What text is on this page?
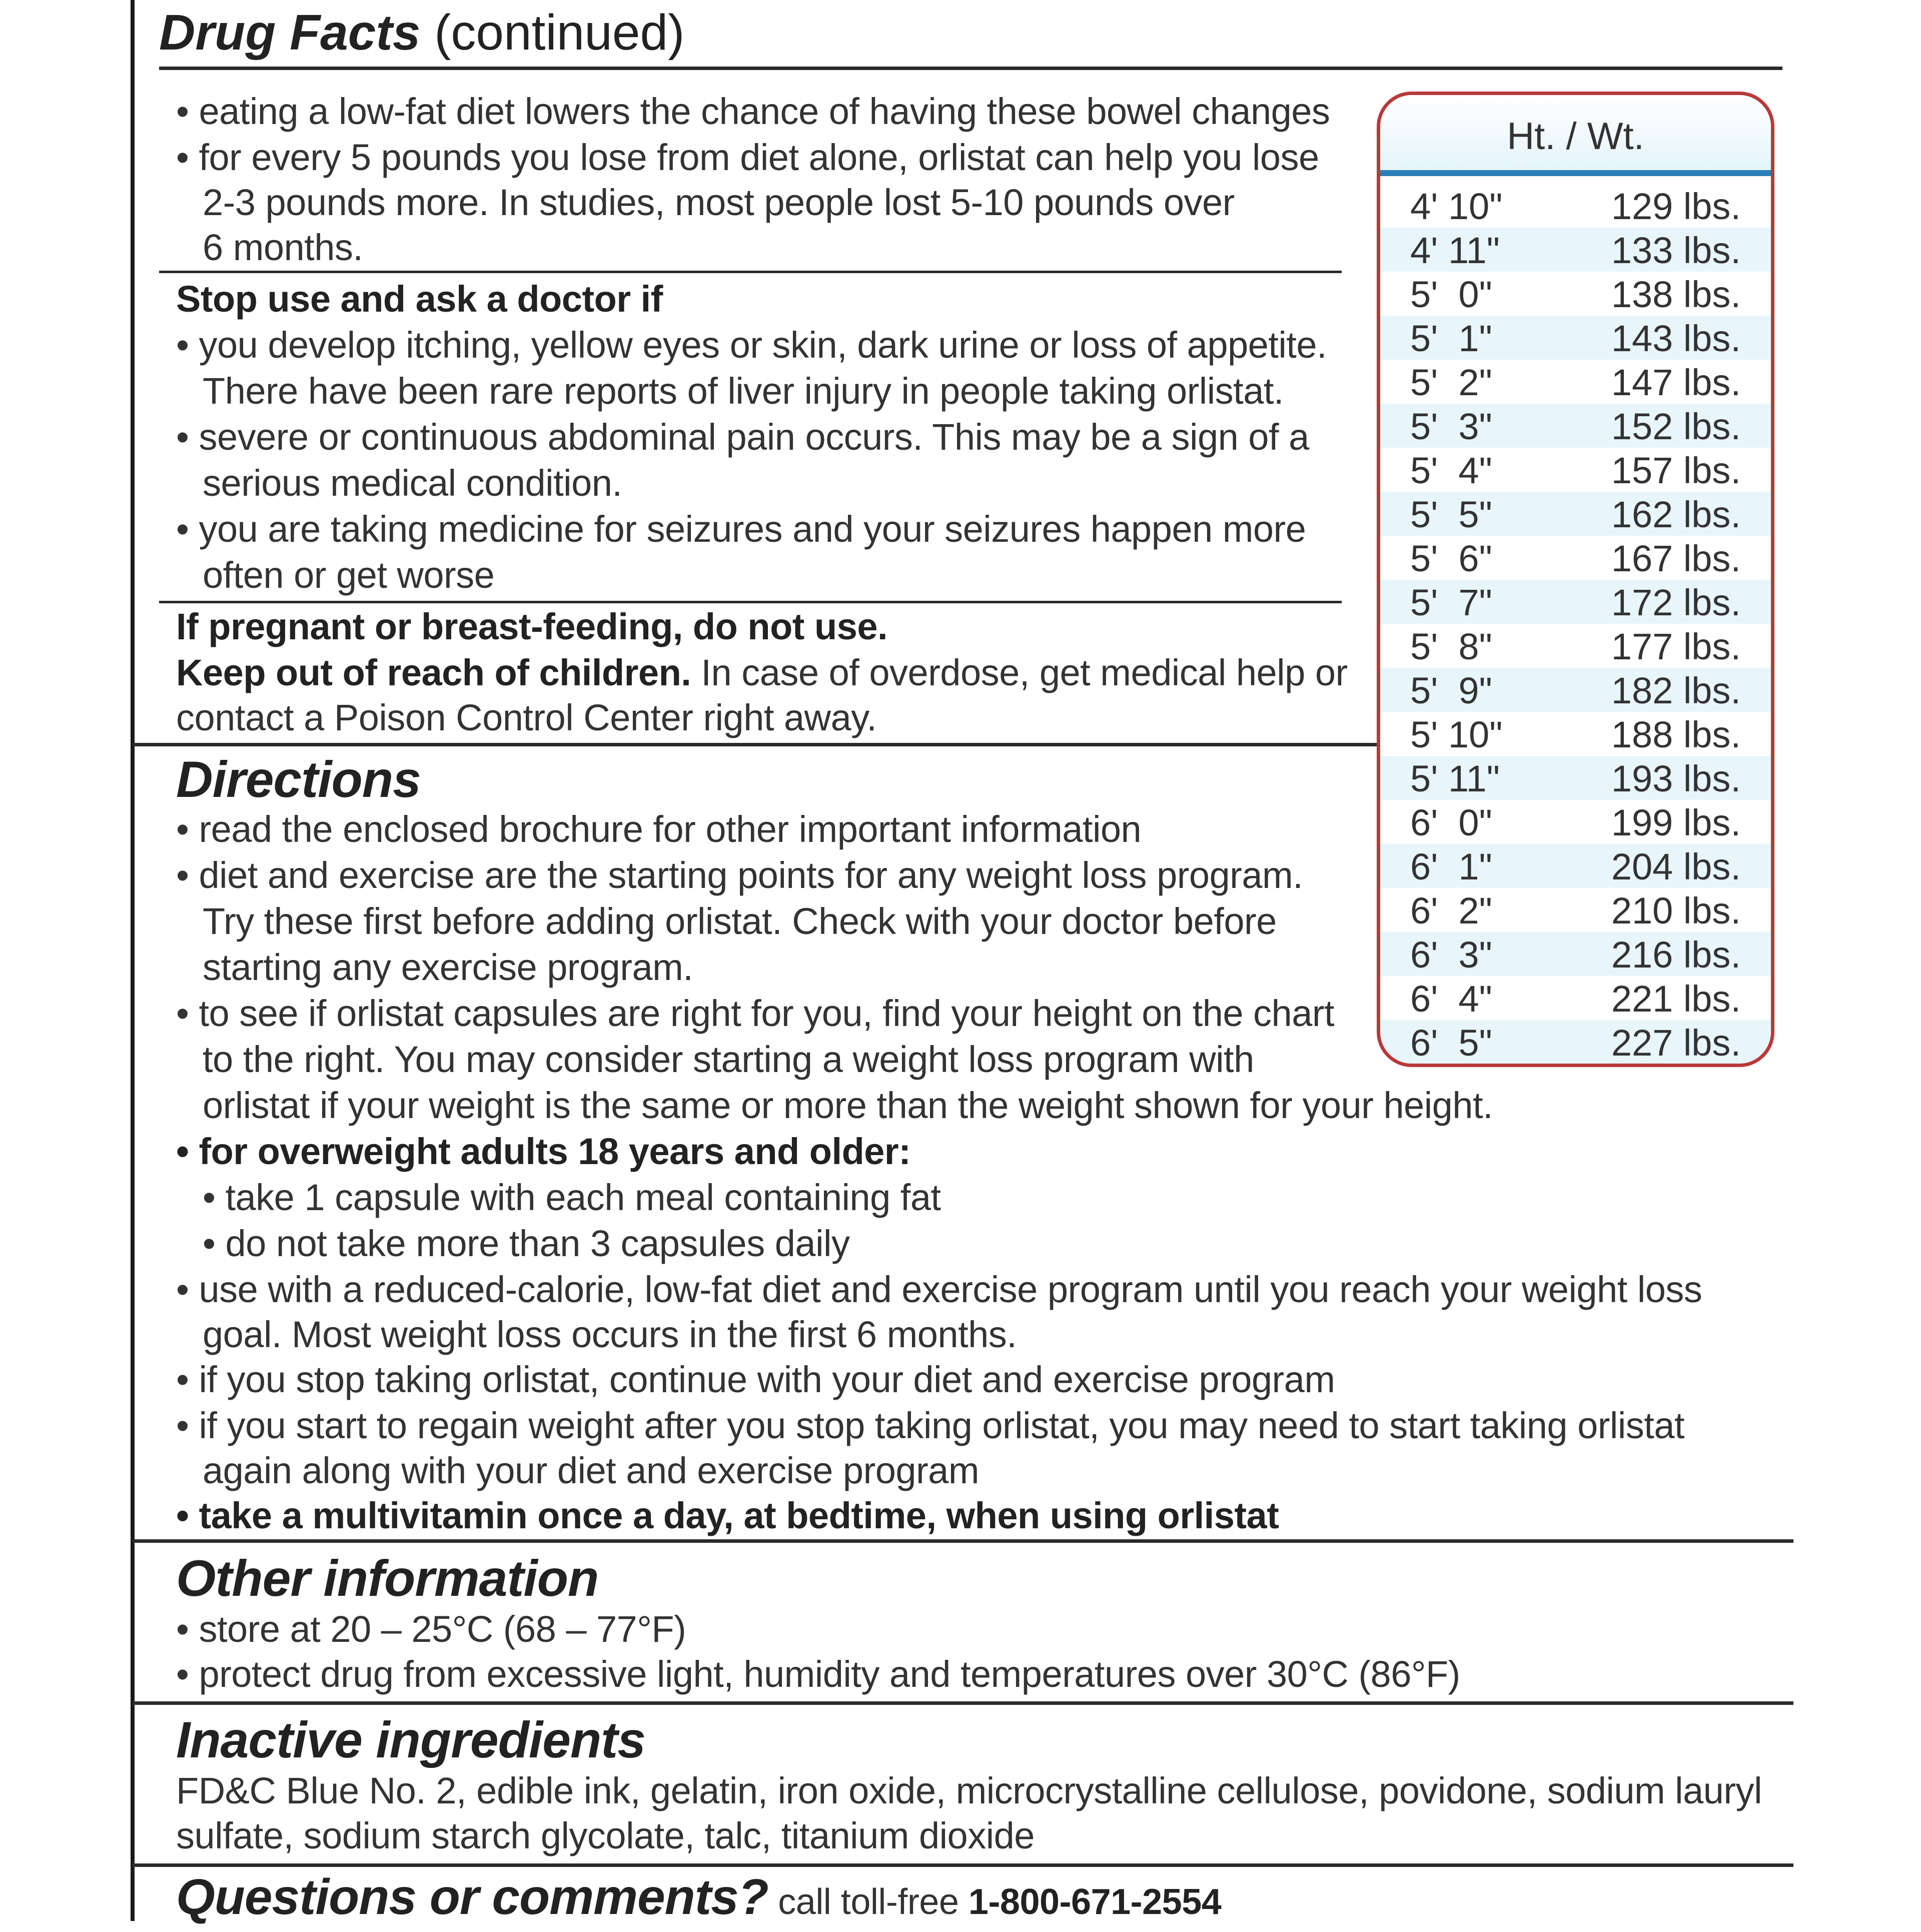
Drug Facts (continued)
• eating a low-fat diet lowers the chance of having these bowel changes
• for every 5 pounds you lose from diet alone, orlistat can help you lose
2-3 pounds more. In studies, most people lost 5-10 pounds over
6 months.
Stop use and ask a doctor if
• you develop itching, yellow eyes or skin, dark urine or loss of appetite.
There have been rare reports of liver injury in people taking orlistat.
• severe or continuous abdominal pain occurs. This may be a sign of a
serious medical condition.
• you are taking medicine for seizures and your seizures happen more
often or get worse
If pregnant or breast-feeding, do not use.
Keep out of reach of children. In case of overdose, get medical help or
contact a Poison Control Center right away.
Directions
• read the enclosed brochure for other important information
• diet and exercise are the starting points for any weight loss program.
Try these first before adding orlistat. Check with your doctor before
starting any exercise program.
• to see if orlistat capsules are right for you, find your height on the chart
to the right. You may consider starting a weight loss program with
orlistat if your weight is the same or more than the weight shown for your height.
• for overweight adults 18 years and older:
• take 1 capsule with each meal containing fat
• do not take more than 3 capsules daily
• use with a reduced-calorie, low-fat diet and exercise program until you reach your weight loss
goal. Most weight loss occurs in the first 6 months.
• if you stop taking orlistat, continue with your diet and exercise program
• if you start to regain weight after you stop taking orlistat, you may need to start taking orlistat
again along with your diet and exercise program
• take a multivitamin once a day, at bedtime, when using orlistat
Other information
• store at 20 – 25°C (68 – 77°F)
• protect drug from excessive light, humidity and temperatures over 30°C (86°F)
Inactive ingredients
FD&C Blue No. 2, edible ink, gelatin, iron oxide, microcrystalline cellulose, povidone, sodium lauryl
sulfate, sodium starch glycolate, talc, titanium dioxide
Questions or comments? call toll-free 1-800-671-2554
Ht. / Wt.
4' 10"	129 lbs.
4' 11"	133 lbs.
5'  0"	138 lbs.
5'  1"	143 lbs.
5'  2"	147 lbs.
5'  3"	152 lbs.
5'  4"	157 lbs.
5'  5"	162 lbs.
5'  6"	167 lbs.
5'  7"	172 lbs.
5'  8"	177 lbs.
5'  9"	182 lbs.
5' 10"	188 lbs.
5' 11"	193 lbs.
6'  0"	199 lbs.
6'  1"	204 lbs.
6'  2"	210 lbs.
6'  3"	216 lbs.
6'  4"	221 lbs.
6'  5"	227 lbs.
